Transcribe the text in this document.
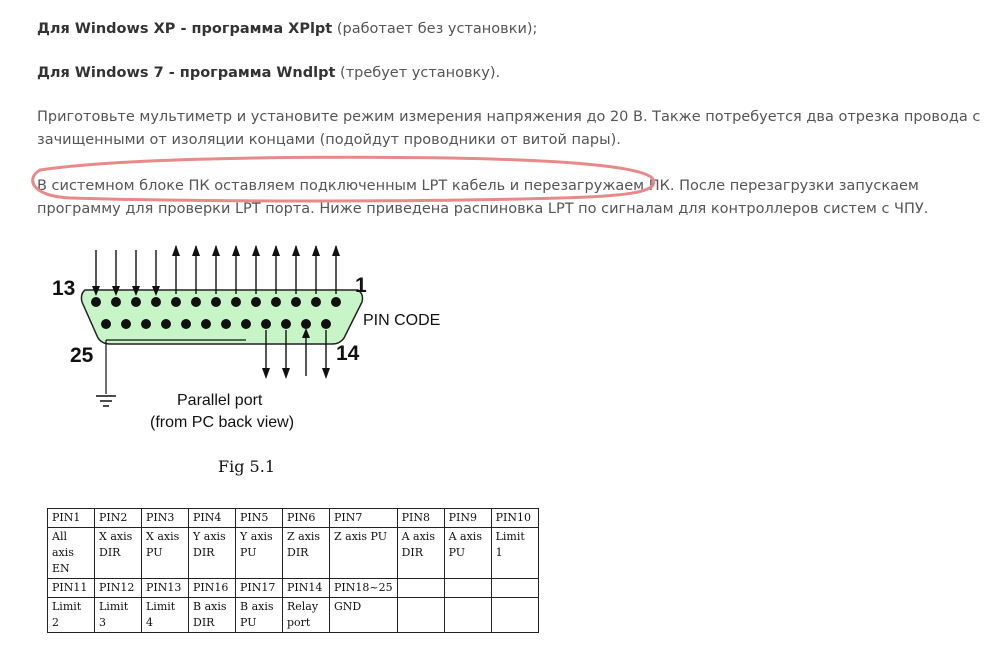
Для Windows XP - программа XPlpt (работает без установки);

Для Windows 7 - программа Wndlpt (требует установку).

Приготовьте мультиметр и установите режим измерения напряжения до 20 В. Также потребуется два отрезка провода с зачищенными от изоляции концами (подойдут проводники от витой пары).

В системном блоке ПК оставляем подключенным LPT кабель и перезагружаем ПК. После перезагрузки запускаем программу для проверки LPT порта. Ниже приведена распиновка LPT по сигналам для контроллеров систем с ЧПУ.

13	1
25	14
PIN CODE
Parallel port
(from PC back view)
Fig 5.1
PIN1	PIN2	PIN3	PIN4	PIN5	PIN6	PIN7	PIN8	PIN9	PIN10
All axis EN	X axis DIR	X axis PU	Y axis DIR	Y axis PU	Z axis DIR	Z axis PU	A axis DIR	A axis PU	Limit 1
PIN11	PIN12	PIN13	PIN16	PIN17	PIN14	PIN18~25			
Limit 2	Limit 3	Limit 4	B axis DIR	B axis PU	Relay port	GND			
